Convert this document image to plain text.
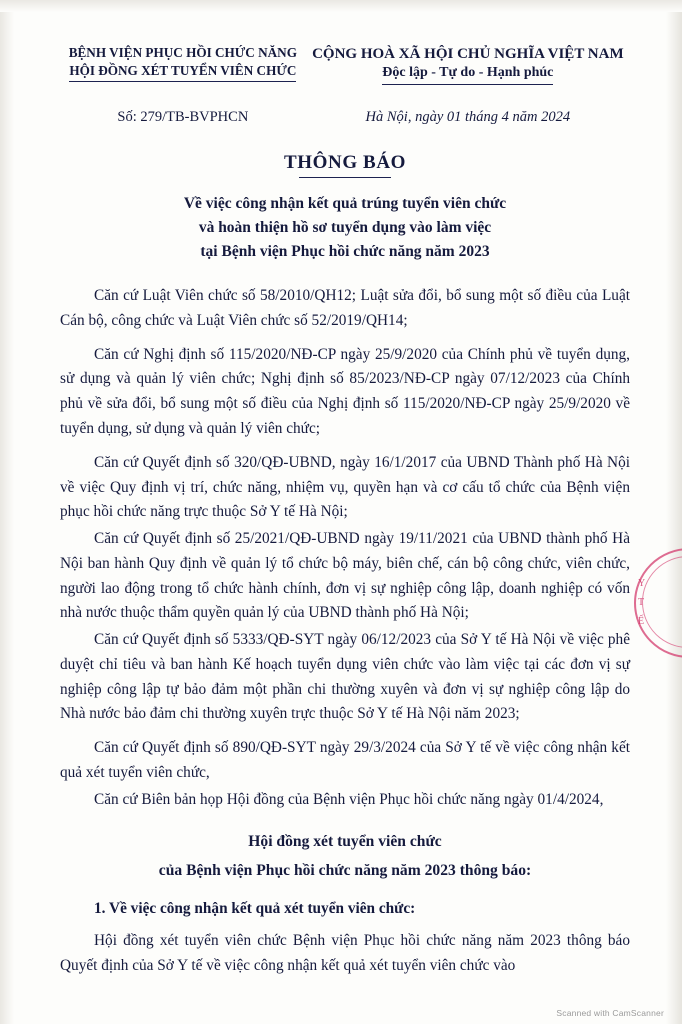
BỆNH VIỆN PHỤC HỒI CHỨC NĂNG
HỘI ĐỒNG XÉT TUYỂN VIÊN CHỨC
CỘNG HOÀ XÃ HỘI CHỦ NGHĨA VIỆT NAM
Độc lập - Tự do - Hạnh phúc
Số: 279/TB-BVPHCN	Hà Nội, ngày 01 tháng 4 năm 2024
THÔNG BÁO
Về việc công nhận kết quả trúng tuyển viên chức
và hoàn thiện hồ sơ tuyển dụng vào làm việc
tại Bệnh viện Phục hồi chức năng năm 2023

Căn cứ Luật Viên chức số 58/2010/QH12; Luật sửa đổi, bổ sung một số điều của Luật Cán bộ, công chức và Luật Viên chức số 52/2019/QH14;

Căn cứ Nghị định số 115/2020/NĐ-CP ngày 25/9/2020 của Chính phủ về tuyển dụng, sử dụng và quản lý viên chức; Nghị định số 85/2023/NĐ-CP ngày 07/12/2023 của Chính phủ về sửa đổi, bổ sung một số điều của Nghị định số 115/2020/NĐ-CP ngày 25/9/2020 về tuyển dụng, sử dụng và quản lý viên chức;

Căn cứ Quyết định số 320/QĐ-UBND, ngày 16/1/2017 của UBND Thành phố Hà Nội về việc Quy định vị trí, chức năng, nhiệm vụ, quyền hạn và cơ cấu tổ chức của Bệnh viện phục hồi chức năng trực thuộc Sở Y tế Hà Nội;

Căn cứ Quyết định số 25/2021/QĐ-UBND ngày 19/11/2021 của UBND thành phố Hà Nội ban hành Quy định về quản lý tổ chức bộ máy, biên chế, cán bộ công chức, viên chức, người lao động trong tổ chức hành chính, đơn vị sự nghiệp công lập, doanh nghiệp có vốn nhà nước thuộc thẩm quyền quản lý của UBND thành phố Hà Nội;

Căn cứ Quyết định số 5333/QĐ-SYT ngày 06/12/2023 của Sở Y tế Hà Nội về việc phê duyệt chỉ tiêu và ban hành Kế hoạch tuyển dụng viên chức vào làm việc tại các đơn vị sự nghiệp công lập tự bảo đảm một phần chi thường xuyên và đơn vị sự nghiệp công lập do Nhà nước bảo đảm chi thường xuyên trực thuộc Sở Y tế Hà Nội năm 2023;

Căn cứ Quyết định số 890/QĐ-SYT ngày 29/3/2024 của Sở Y tế về việc công nhận kết quả xét tuyển viên chức,

Căn cứ Biên bản họp Hội đồng của Bệnh viện Phục hồi chức năng ngày 01/4/2024,

Hội đồng xét tuyển viên chức

của Bệnh viện Phục hồi chức năng năm 2023 thông báo:

1. Về việc công nhận kết quả xét tuyển viên chức:

Hội đồng xét tuyển viên chức Bệnh viện Phục hồi chức năng năm 2023 thông báo Quyết định của Sở Y tế về việc công nhận kết quả xét tuyển viên chức vào

Y
T
Ế
Scanned with CamScanner
